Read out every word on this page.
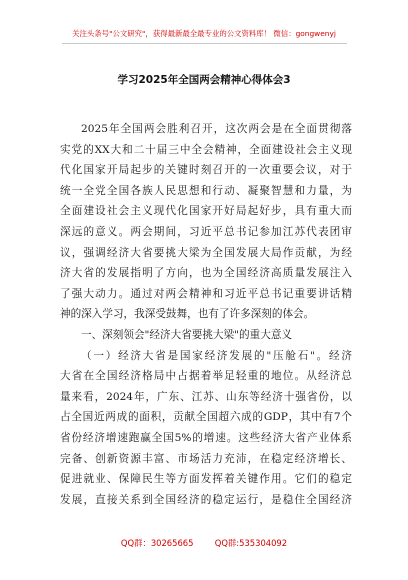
关注头条号"公文研究"，获得最新最全最专业的公文资料库！ 微信：gongwenyj
学习2025年全国两会精神心得体会3
2025年全国两会胜利召开，这次两会是在全面贯彻落
实党的XX大和二十届三中全会精神，全面建设社会主义现
代化国家开局起步的关键时刻召开的一次重要会议，对于
统一全党全国各族人民思想和行动、凝聚智慧和力量，为
全面建设社会主义现代化国家开好局起好步，具有重大而
深远的意义。两会期间，习近平总书记参加江苏代表团审
议，强调经济大省要挑大梁为全国发展大局作贡献，为经
济大省的发展指明了方向，也为全国经济高质量发展注入
了强大动力。通过对两会精神和习近平总书记重要讲话精
神的深入学习，我深受鼓舞，也有了许多深刻的体会。
一、深刻领会"经济大省要挑大梁"的重大意义
（一）经济大省是国家经济发展的"压舱石"。经济
大省在全国经济格局中占据着举足轻重的地位。从经济总
量来看，2024年，广东、江苏、山东等经济十强省份，以
占全国近两成的面积，贡献全国超六成的GDP，其中有7个
省份经济增速跑赢全国5%的增速。这些经济大省产业体系
完备、创新资源丰富、市场活力充沛，在稳定经济增长、
促进就业、保障民生等方面发挥着关键作用。它们的稳定
发展，直接关系到全国经济的稳定运行，是稳住全国经济
QQ群：30265665        QQ群:535304092
